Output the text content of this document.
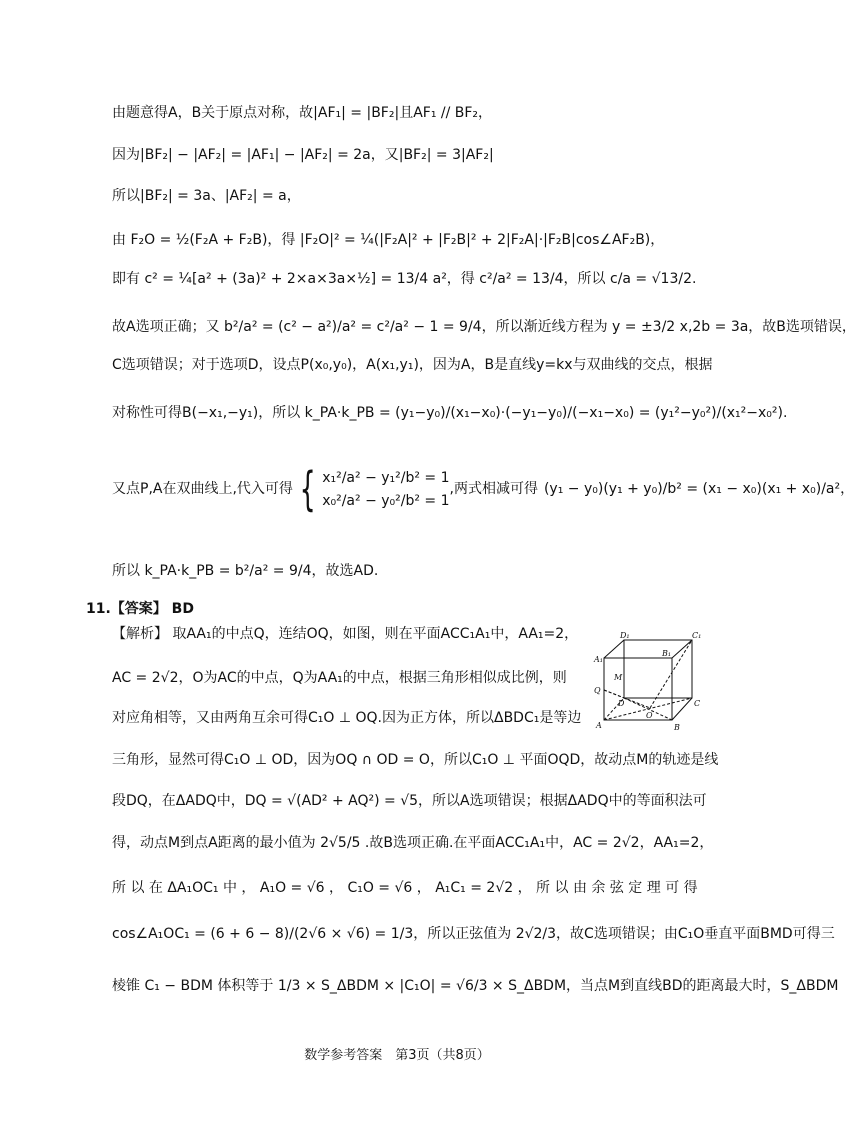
由题意得A，B关于原点对称，故|AF₁| = |BF₂|且AF₁ // BF₂，
因为|BF₂| − |AF₂| = |AF₁| − |AF₂| = 2a，又|BF₂| = 3|AF₂|
所以|BF₂| = 3a、|AF₂| = a，
由 F₂O = ½(F₂A + F₂B)，得 |F₂O|² = ¼(|F₂A|² + |F₂B|² + 2|F₂A|·|F₂B|cos∠AF₂B)，
即有 c² = ¼[a² + (3a)² + 2×a×3a×½] = 13/4 a²，得 c²/a² = 13/4，所以 c/a = √13/2.
故A选项正确；又 b²/a² = (c² − a²)/a² = c²/a² − 1 = 9/4，所以渐近线方程为 y = ±3/2 x,2b = 3a，故B选项错误，
C选项错误；对于选项D，设点P(x₀,y₀)，A(x₁,y₁)，因为A，B是直线y=kx与双曲线的交点，根据
对称性可得B(−x₁,−y₁)，所以 k_PA·k_PB = (y₁−y₀)/(x₁−x₀)·(−y₁−y₀)/(−x₁−x₀) = (y₁²−y₀²)/(x₁²−x₀²).
又点P,A在双曲线上,代入可得 { x₁²/a² − y₁²/b² = 1
x₀²/a² − y₀²/b² = 1
,两式相减可得 (y₁ − y₀)(y₁ + y₀)/b² = (x₁ − x₀)(x₁ + x₀)/a²，
所以 k_PA·k_PB = b²/a² = 9/4，故选AD.
11.【答案】 BD
【解析】 取AA₁的中点Q，连结OQ，如图，则在平面ACC₁A₁中，AA₁=2，
AC = 2√2，O为AC的中点，Q为AA₁的中点，根据三角形相似成比例，则
对应角相等，又由两角互余可得C₁O ⊥ OQ.因为正方体，所以ΔBDC₁是等边
三角形，显然可得C₁O ⊥ OD，因为OQ ∩ OD = O，所以C₁O ⊥ 平面OQD，故动点M的轨迹是线
段DQ，在ΔADQ中，DQ = √(AD² + AQ²) = √5，所以A选项错误；根据ΔADQ中的等面积法可
得，动点M到点A距离的最小值为 2√5/5 .故B选项正确.在平面ACC₁A₁中，AC = 2√2，AA₁=2，
所 以 在 ΔA₁OC₁ 中 ， A₁O = √6 ， C₁O = √6 ， A₁C₁ = 2√2 ， 所 以 由 余 弦 定 理 可 得
cos∠A₁OC₁ = (6 + 6 − 8)/(2√6 × √6) = 1/3，所以正弦值为 2√2/3，故C选项错误；由C₁O垂直平面BMD可得三
棱锥 C₁ − BDM 体积等于 1/3 × S_ΔBDM × |C₁O| = √6/3 × S_ΔBDM，当点M到直线BD的距离最大时，S_ΔBDM
D₁	C₁
A₁
B₁
M
Q
D
O
C
A	B
数学参考答案　第3页（共8页）
